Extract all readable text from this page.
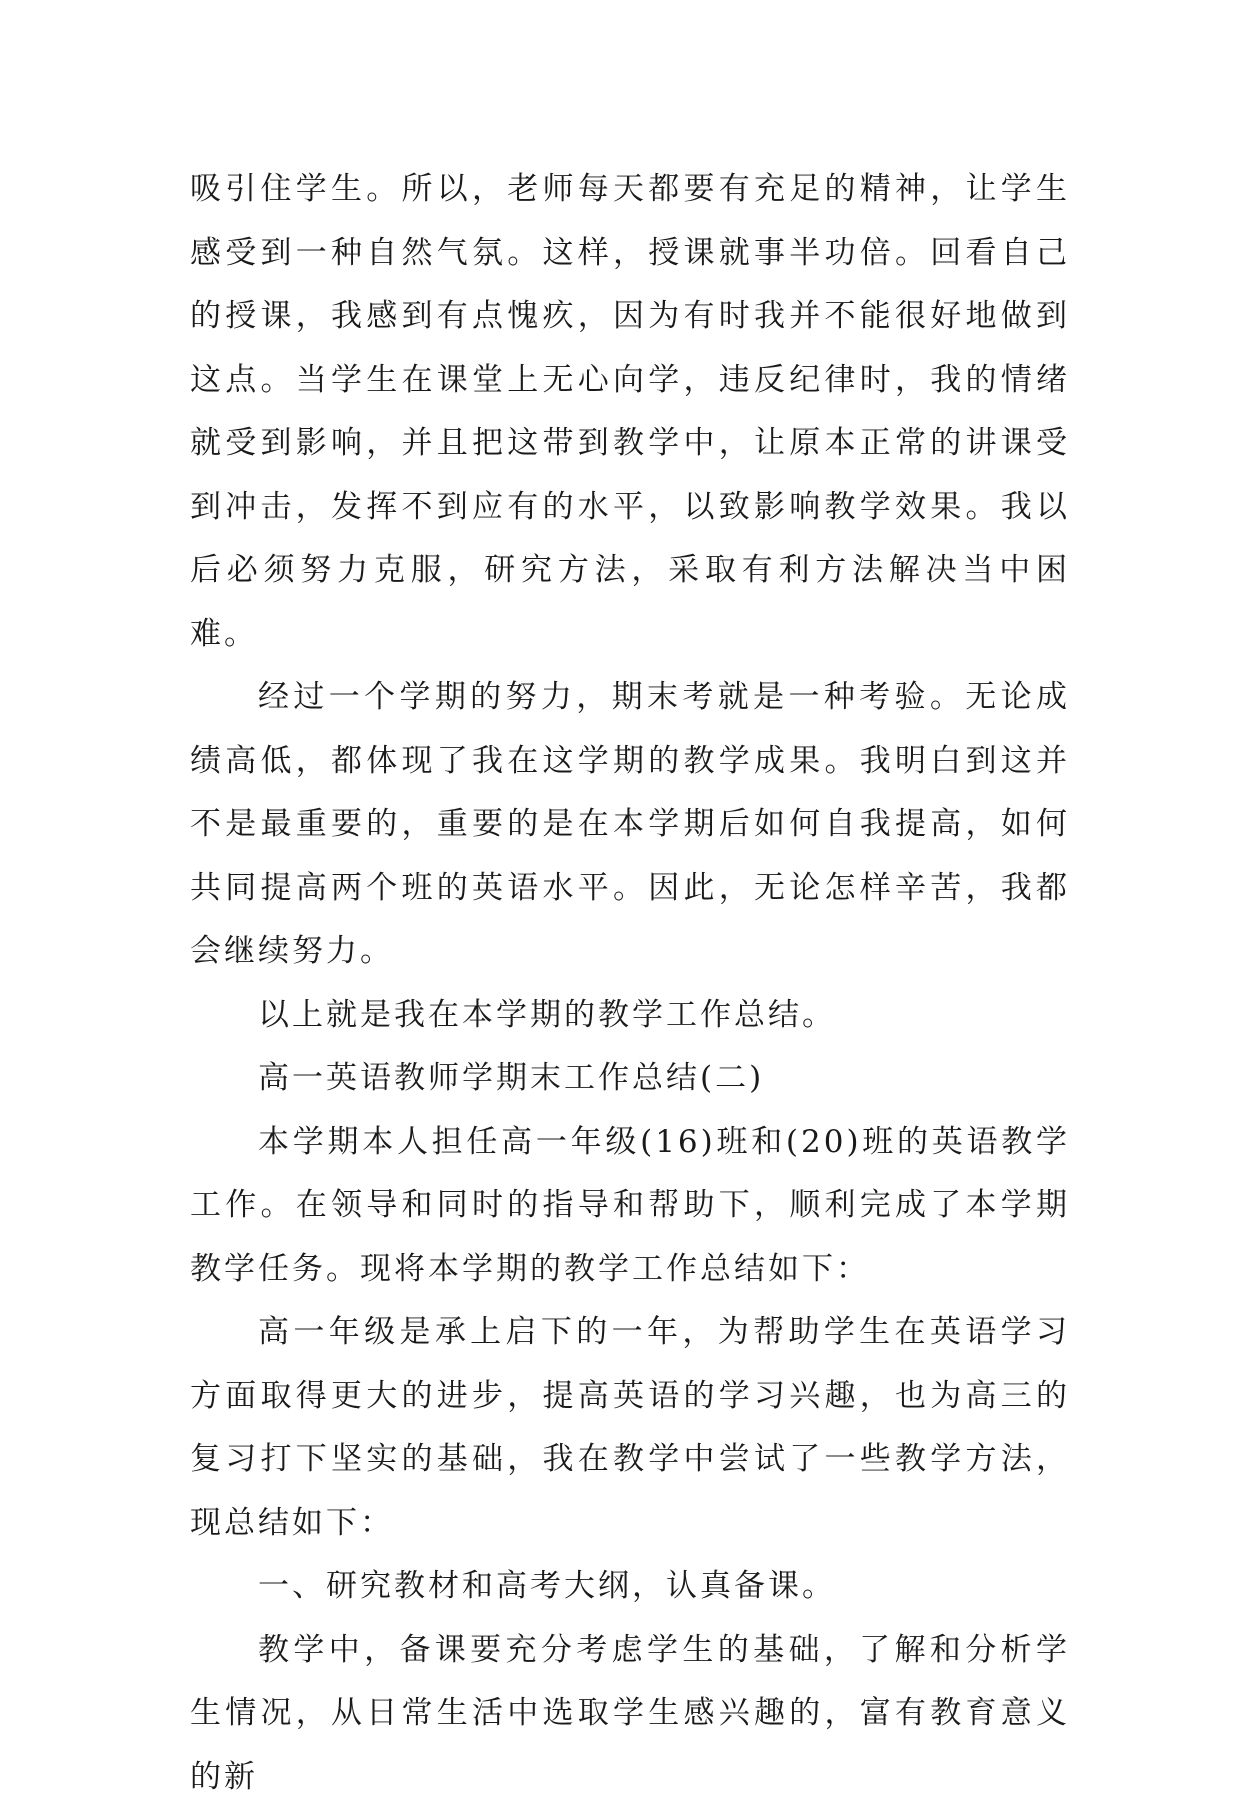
吸引住学生。所以，老师每天都要有充足的精神，让学生感受到一种自然气氛。这样，授课就事半功倍。回看自己的授课，我感到有点愧疚，因为有时我并不能很好地做到这点。当学生在课堂上无心向学，违反纪律时，我的情绪就受到影响，并且把这带到教学中，让原本正常的讲课受到冲击，发挥不到应有的水平，以致影响教学效果。我以后必须努力克服，研究方法，采取有利方法解决当中困难。

经过一个学期的努力，期末考就是一种考验。无论成绩高低，都体现了我在这学期的教学成果。我明白到这并不是最重要的，重要的是在本学期后如何自我提高，如何共同提高两个班的英语水平。因此，无论怎样辛苦，我都会继续努力。

以上就是我在本学期的教学工作总结。

高一英语教师学期末工作总结(二)

本学期本人担任高一年级(16)班和(20)班的英语教学工作。在领导和同时的指导和帮助下，顺利完成了本学期教学任务。现将本学期的教学工作总结如下：

高一年级是承上启下的一年，为帮助学生在英语学习方面取得更大的进步，提高英语的学习兴趣，也为高三的复习打下坚实的基础，我在教学中尝试了一些教学方法，现总结如下：

一、研究教材和高考大纲，认真备课。

教学中，备课要充分考虑学生的基础，了解和分析学生情况，从日常生活中选取学生感兴趣的，富有教育意义的新
